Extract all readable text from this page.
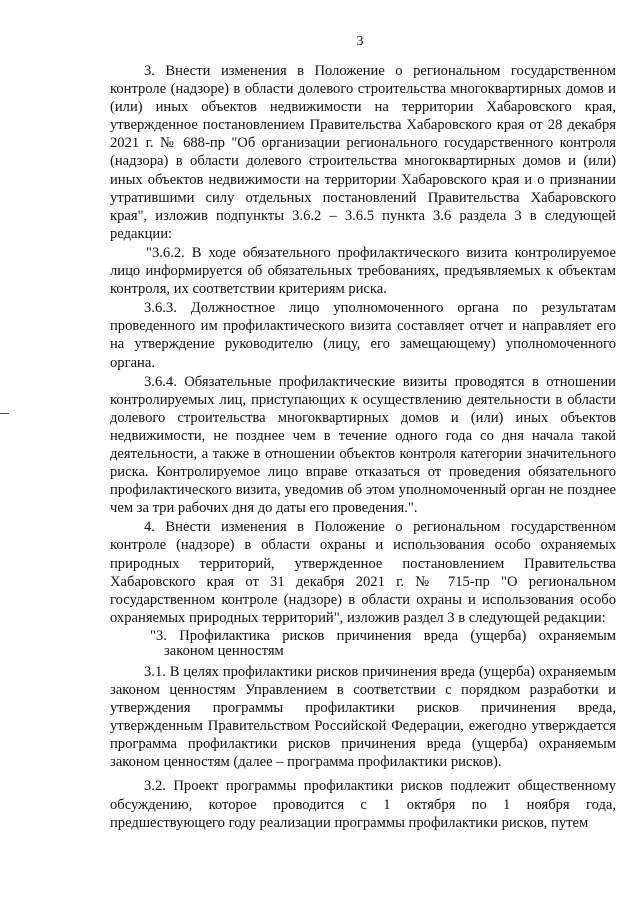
3

3. Внести изменения в Положение о региональном государственном контроле (надзоре) в области долевого строительства многоквартирных домов и (или) иных объектов недвижимости на территории Хабаровского края, утвержденное постановлением Правительства Хабаровского края от 28 декабря 2021 г. № 688-пр "Об организации регионального государственного контроля (надзора) в области долевого строительства многоквартирных домов и (или) иных объектов недвижимости на территории Хабаровского края и о признании утратившими силу отдельных постановлений Правительства Хабаровского края", изложив подпункты 3.6.2 – 3.6.5 пункта 3.6 раздела 3 в следующей редакции:

"3.6.2. В ходе обязательного профилактического визита контролируемое лицо информируется об обязательных требованиях, предъявляемых к объектам контроля, их соответствии критериям риска.

3.6.3. Должностное лицо уполномоченного органа по результатам проведенного им профилактического визита составляет отчет и направляет его на утверждение руководителю (лицу, его замещающему) уполномоченного органа.

3.6.4. Обязательные профилактические визиты проводятся в отношении контролируемых лиц, приступающих к осуществлению деятельности в области долевого строительства многоквартирных домов и (или) иных объектов недвижимости, не позднее чем в течение одного года со дня начала такой деятельности, а также в отношении объектов контроля категории значительного риска. Контролируемое лицо вправе отказаться от проведения обязательного профилактического визита, уведомив об этом уполномоченный орган не позднее чем за три рабочих дня до даты его проведения.".

4. Внести изменения в Положение о региональном государственном контроле (надзоре) в области охраны и использования особо охраняемых природных территорий, утвержденное постановлением Правительства Хабаровского края от 31 декабря 2021 г. № 715-пр "О региональном государственном контроле (надзоре) в области охраны и использования особо охраняемых природных территорий", изложив раздел 3 в следующей редакции:

"3. Профилактика рисков причинения вреда (ущерба) охраняемым
законом ценностям

3.1. В целях профилактики рисков причинения вреда (ущерба) охраняемым законом ценностям Управлением в соответствии с порядком разработки и утверждения программы профилактики рисков причинения вреда, утвержденным Правительством Российской Федерации, ежегодно утверждается программа профилактики рисков причинения вреда (ущерба) охраняемым законом ценностям (далее – программа профилактики рисков).

3.2. Проект программы профилактики рисков подлежит общественному обсуждению, которое проводится с 1 октября по 1 ноября года, предшествующего году реализации программы профилактики рисков, путем
